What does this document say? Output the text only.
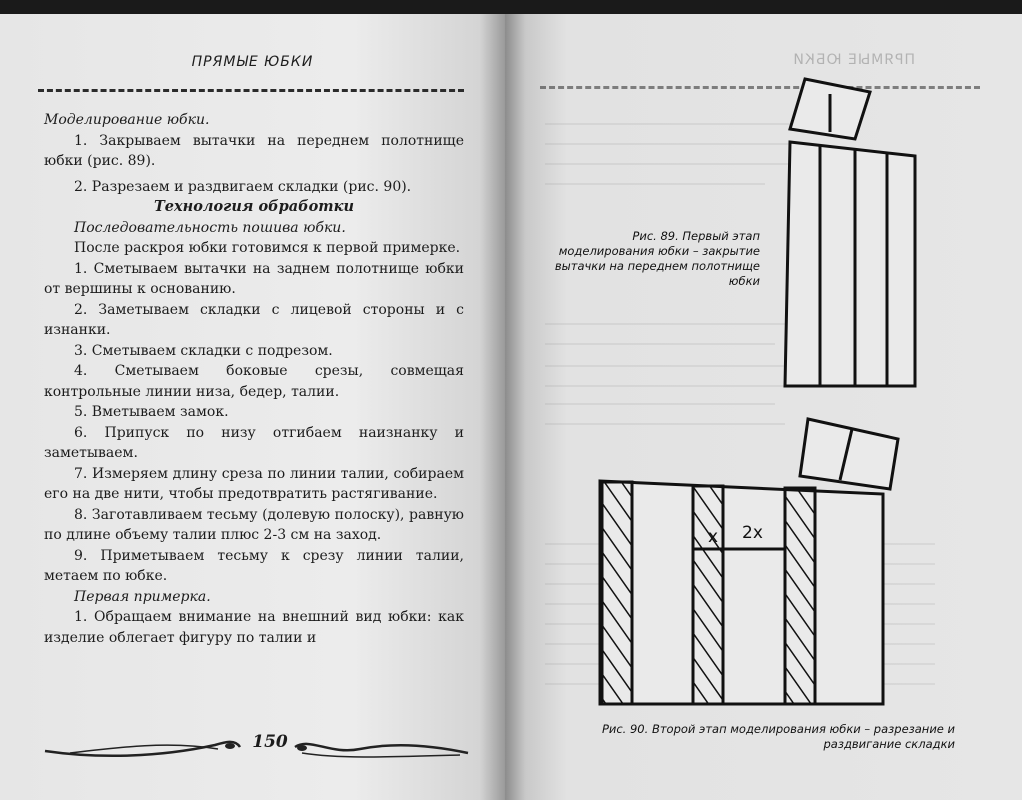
ПРЯМЫЕ ЮБКИ

Моделирование юбки.

1. Закрываем вытачки на переднем полотнище юбки (рис. 89).

2. Разрезаем и раздвигаем складки (рис. 90).

Технология обработки

Последовательность пошива юбки.

После раскроя юбки готовимся к первой примерке.

1. Сметываем вытачки на заднем полотнище юбки от вершины к основанию.

2. Заметываем складки с лицевой стороны и с изнанки.

3. Сметываем складки с подрезом.

4. Сметываем боковые срезы, совмещая контрольные линии низа, бедер, талии.

5. Вметываем замок.

6. Припуск по низу отгибаем наизнанку и заметываем.

7. Измеряем длину среза по линии талии, собираем его на две нити, чтобы предотвратить растягивание.

8. Заготавливаем тесьму (долевую полоску), равную по длине объему талии плюс 2-3 см на заход.

9. Приметываем тесьму к срезу линии талии, метаем по юбке.

Первая примерка.

1. Обращаем внимание на внешний вид юбки: как изделие облегает фигуру по талии и

150
ПРЯМЫЕ ЮБКИ
Рис. 89. Первый этап моделирования юбки – закрытие вытачки на переднем полотнище юбки
x 2x
Рис. 90. Второй этап моделирования юбки – разрезание и раздвигание складки
